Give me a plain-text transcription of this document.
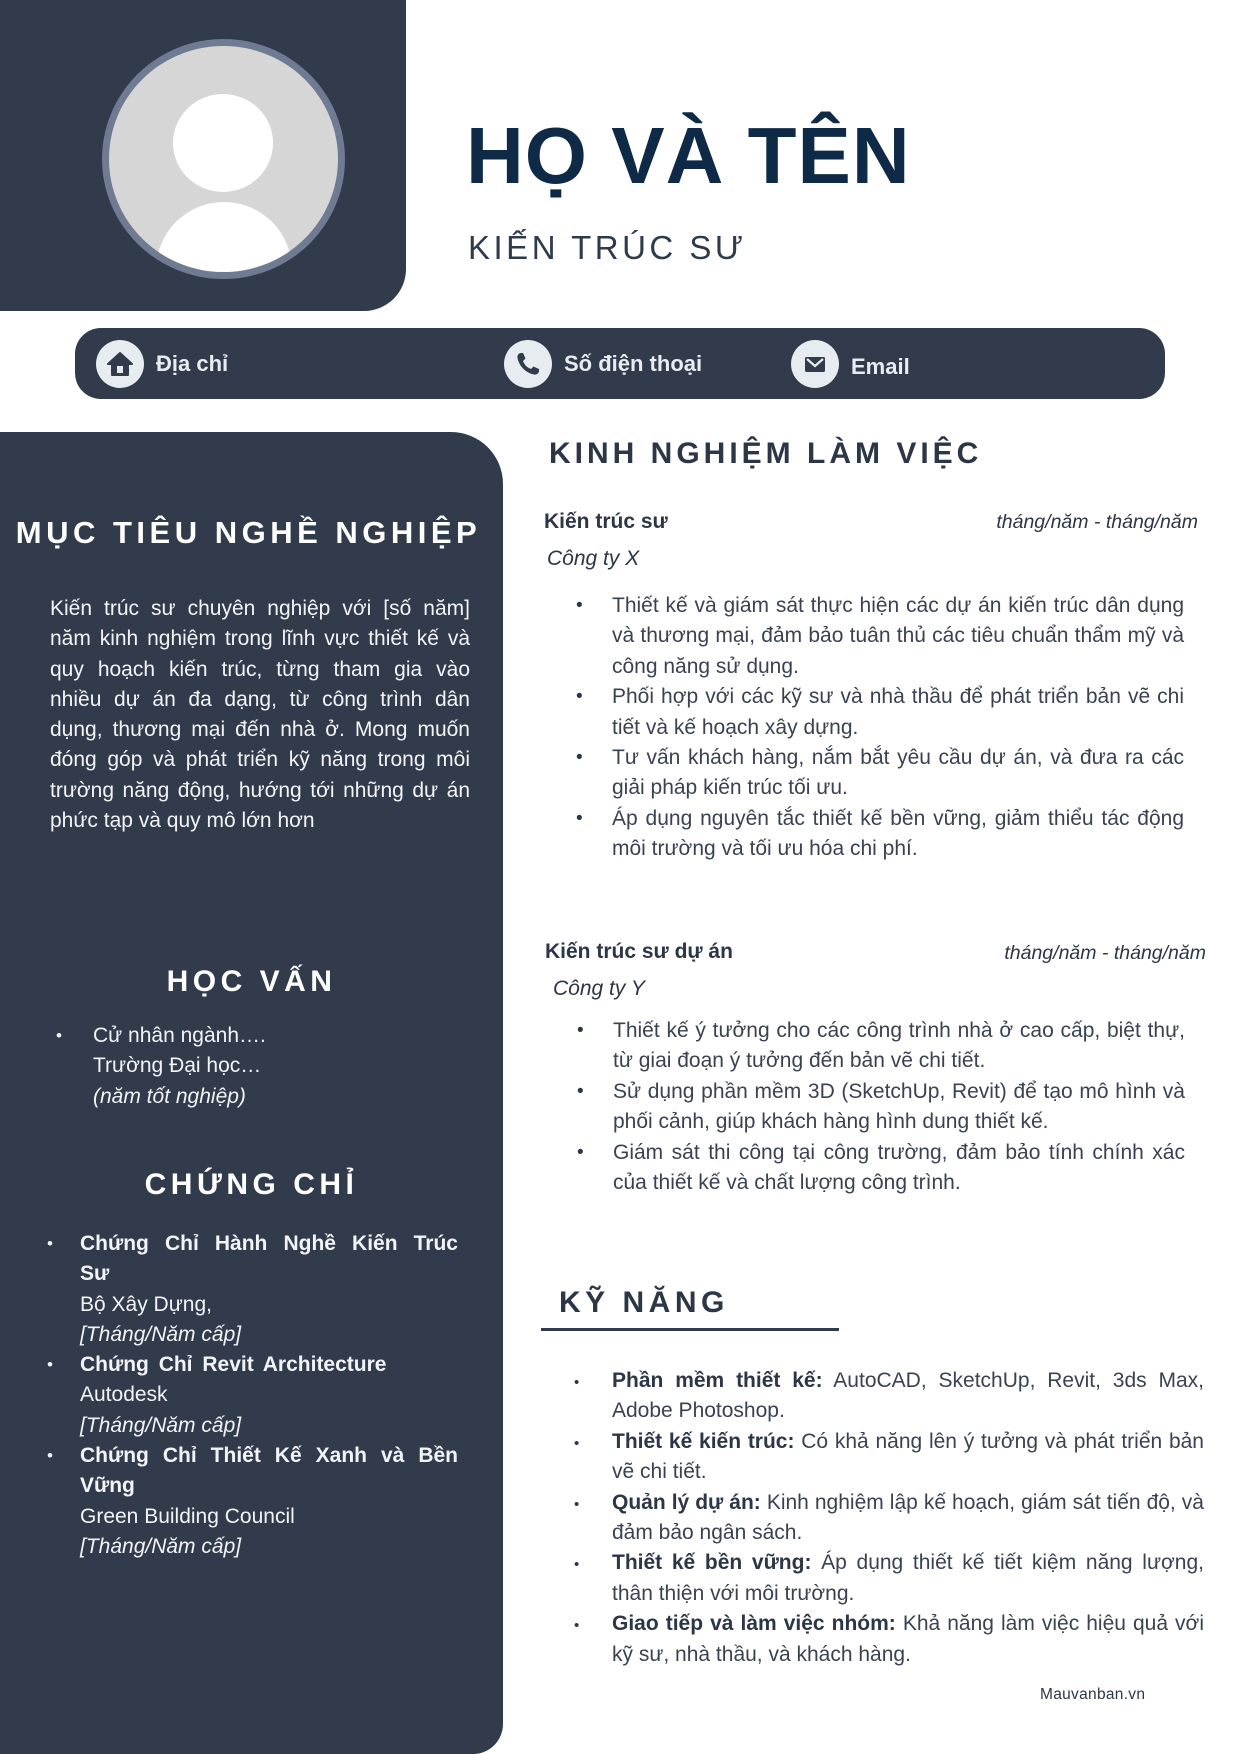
HỌ VÀ TÊN
KIẾN TRÚC SƯ
Địa chỉ	Số điện thoại	Email
MỤC TIÊU NGHỀ NGHIỆP
Kiến trúc sư chuyên nghiệp với [số năm] năm kinh nghiệm trong lĩnh vực thiết kế và quy hoạch kiến trúc, từng tham gia vào nhiều dự án đa dạng, từ công trình dân dụng, thương mại đến nhà ở. Mong muốn đóng góp và phát triển kỹ năng trong môi trường năng động, hướng tới những dự án phức tạp và quy mô lớn hơn
HỌC VẤN
• Cử nhân ngành….
Trường Đại học…
(năm tốt nghiệp)
CHỨNG CHỈ
• Chứng Chỉ Hành Nghề Kiến Trúc Sư
Bộ Xây Dựng,
[Tháng/Năm cấp]
• Chứng Chỉ Revit Architecture
Autodesk
[Tháng/Năm cấp]
• Chứng Chỉ Thiết Kế Xanh và Bền Vững
Green Building Council
[Tháng/Năm cấp]
KINH NGHIỆM LÀM VIỆC
Kiến trúc sư	tháng/năm - tháng/năm
Công ty X
• Thiết kế và giám sát thực hiện các dự án kiến trúc dân dụng và thương mại, đảm bảo tuân thủ các tiêu chuẩn thẩm mỹ và công năng sử dụng.
• Phối hợp với các kỹ sư và nhà thầu để phát triển bản vẽ chi tiết và kế hoạch xây dựng.
• Tư vấn khách hàng, nắm bắt yêu cầu dự án, và đưa ra các giải pháp kiến trúc tối ưu.
• Áp dụng nguyên tắc thiết kế bền vững, giảm thiểu tác động môi trường và tối ưu hóa chi phí.
Kiến trúc sư dự án	tháng/năm - tháng/năm
Công ty Y
• Thiết kế ý tưởng cho các công trình nhà ở cao cấp, biệt thự, từ giai đoạn ý tưởng đến bản vẽ chi tiết.
• Sử dụng phần mềm 3D (SketchUp, Revit) để tạo mô hình và phối cảnh, giúp khách hàng hình dung thiết kế.
• Giám sát thi công tại công trường, đảm bảo tính chính xác của thiết kế và chất lượng công trình.
KỸ NĂNG
• Phần mềm thiết kế: AutoCAD, SketchUp, Revit, 3ds Max, Adobe Photoshop.
• Thiết kế kiến trúc: Có khả năng lên ý tưởng và phát triển bản vẽ chi tiết.
• Quản lý dự án: Kinh nghiệm lập kế hoạch, giám sát tiến độ, và đảm bảo ngân sách.
• Thiết kế bền vững: Áp dụng thiết kế tiết kiệm năng lượng, thân thiện với môi trường.
• Giao tiếp và làm việc nhóm: Khả năng làm việc hiệu quả với kỹ sư, nhà thầu, và khách hàng.
Mauvanban.vn
